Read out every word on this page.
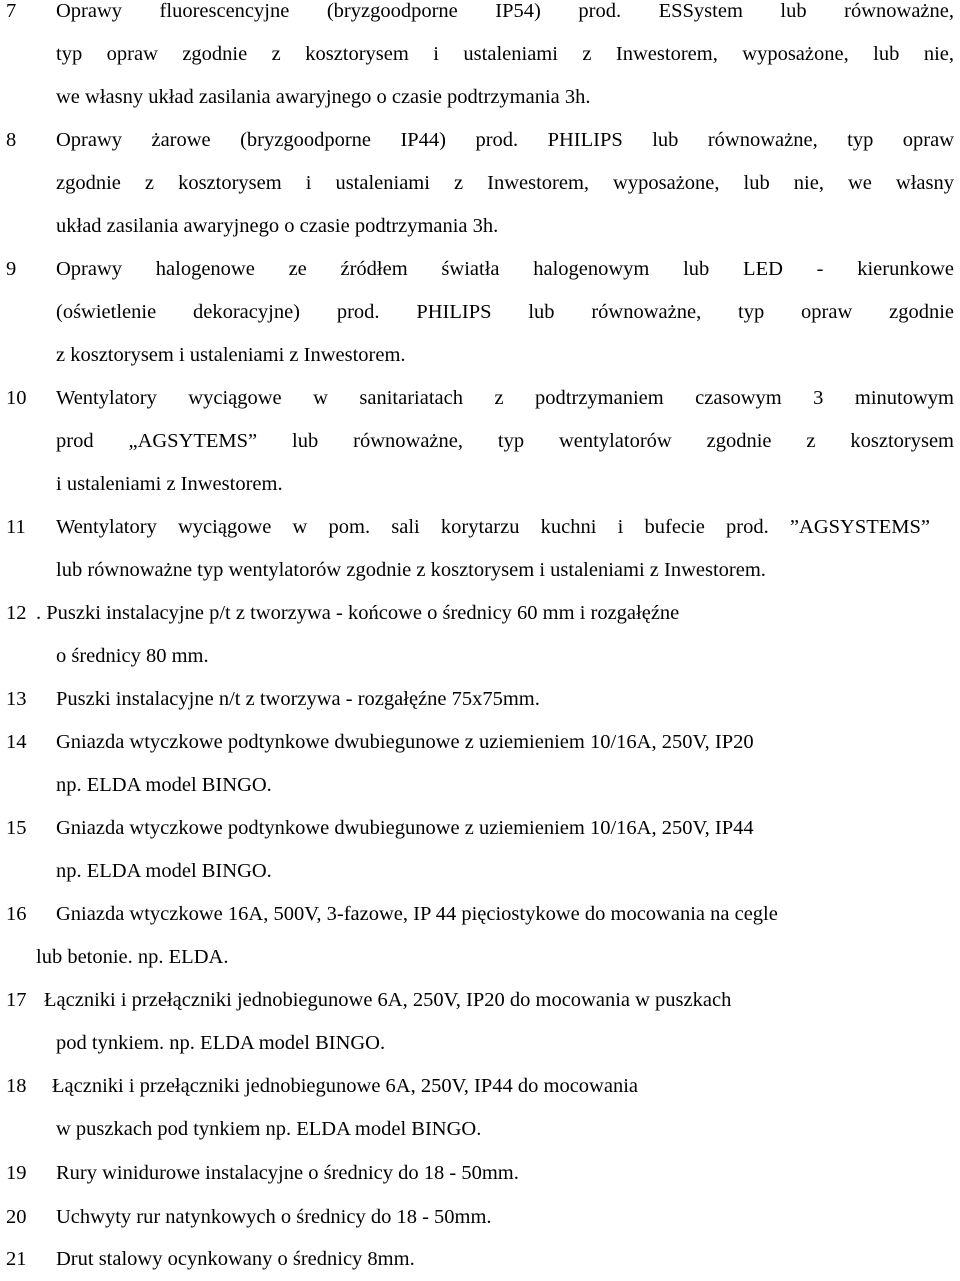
7 Oprawy fluorescencyjne (bryzgoodporne IP54) prod. ESSystem lub równoważne,
typ opraw zgodnie z kosztorysem i ustaleniami z Inwestorem, wyposażone, lub nie,
we własny układ zasilania awaryjnego o czasie podtrzymania 3h.
8 Oprawy żarowe (bryzgoodporne IP44) prod. PHILIPS lub równoważne, typ opraw
zgodnie z kosztorysem i ustaleniami z Inwestorem, wyposażone, lub nie, we własny
układ zasilania awaryjnego o czasie podtrzymania 3h.
9 Oprawy halogenowe ze źródłem światła halogenowym lub LED - kierunkowe
(oświetlenie dekoracyjne) prod. PHILIPS lub równoważne, typ opraw zgodnie
z kosztorysem i ustaleniami z Inwestorem.
10 Wentylatory wyciągowe w sanitariatach z podtrzymaniem czasowym 3 minutowym
prod „AGSYTEMS” lub równoważne, typ wentylatorów zgodnie z kosztorysem
i ustaleniami z Inwestorem.
11 Wentylatory wyciągowe w pom. sali korytarzu kuchni i bufecie prod. ”AGSYSTEMS”
lub równoważne typ wentylatorów zgodnie z kosztorysem i ustaleniami z Inwestorem.
12 . Puszki instalacyjne p/t z tworzywa - końcowe o średnicy 60 mm i rozgałęźne
o średnicy 80 mm.
13 Puszki instalacyjne n/t z tworzywa - rozgałęźne 75x75mm.
14 Gniazda wtyczkowe podtynkowe dwubiegunowe z uziemieniem 10/16A, 250V, IP20
np. ELDA model BINGO.
15 Gniazda wtyczkowe podtynkowe dwubiegunowe z uziemieniem 10/16A, 250V, IP44
np. ELDA model BINGO.
16 Gniazda wtyczkowe 16A, 500V, 3-fazowe, IP 44 pięciostykowe do mocowania na cegle
lub betonie. np. ELDA.
17 Łączniki i przełączniki jednobiegunowe 6A, 250V, IP20 do mocowania w puszkach
pod tynkiem. np. ELDA model BINGO.
18 Łączniki i przełączniki jednobiegunowe 6A, 250V, IP44 do mocowania
w puszkach pod tynkiem np. ELDA model BINGO.
19 Rury winidurowe instalacyjne o średnicy do 18 - 50mm.
20 Uchwyty rur natynkowych o średnicy do 18 - 50mm.
21 Drut stalowy ocynkowany o średnicy 8mm.
